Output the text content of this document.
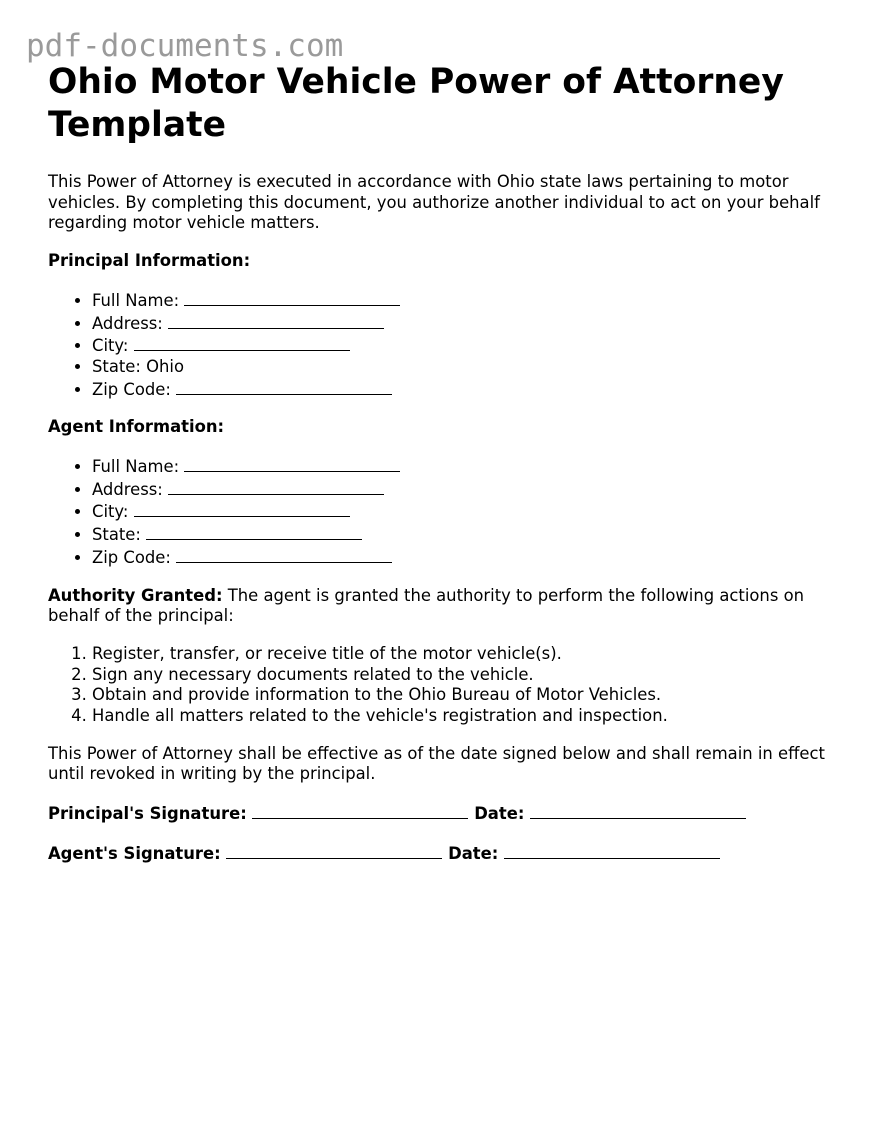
pdf-documents.com
Ohio Motor Vehicle Power of Attorney Template

This Power of Attorney is executed in accordance with Ohio state laws pertaining to motor vehicles. By completing this document, you authorize another individual to act on your behalf regarding motor vehicle matters.

Principal Information:

• Full Name:
• Address:
• City:
• State: Ohio
• Zip Code:

Agent Information:

• Full Name:
• Address:
• City:
• State:
• Zip Code:

Authority Granted: The agent is granted the authority to perform the following actions on behalf of the principal:

1. Register, transfer, or receive title of the motor vehicle(s).
2. Sign any necessary documents related to the vehicle.
3. Obtain and provide information to the Ohio Bureau of Motor Vehicles.
4. Handle all matters related to the vehicle's registration and inspection.

This Power of Attorney shall be effective as of the date signed below and shall remain in effect until revoked in writing by the principal.

Principal's Signature:	Date:

Agent's Signature:	Date:
